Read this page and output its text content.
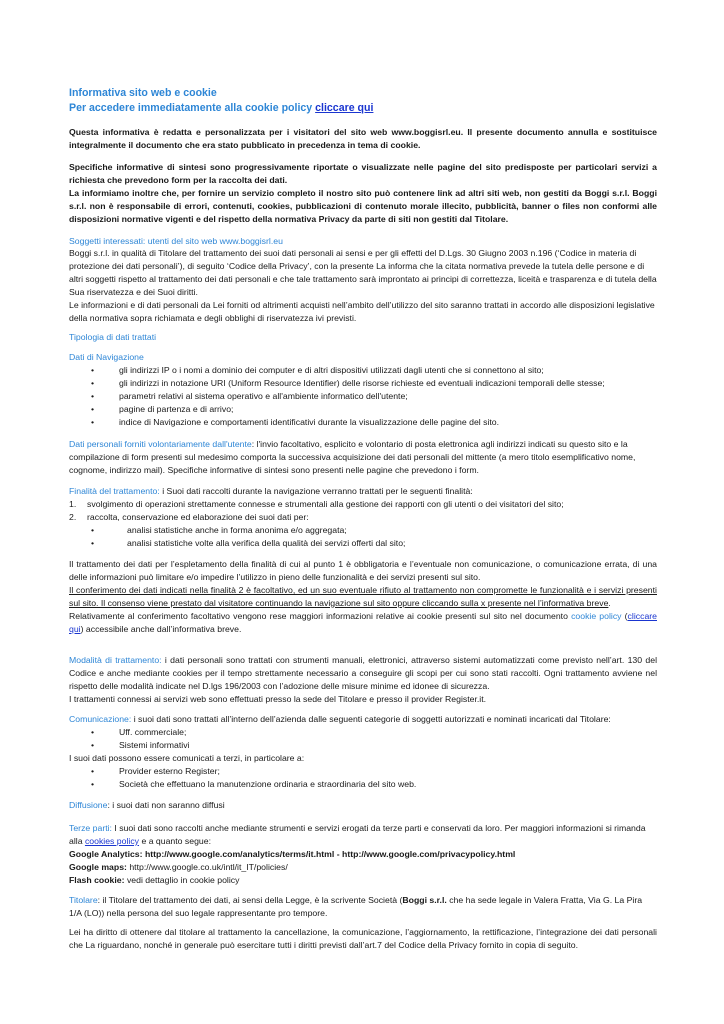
Informativa sito web e cookie
Per accedere immediatamente alla cookie policy cliccare qui
Questa informativa è redatta e personalizzata per i visitatori del sito web www.boggisrl.eu. Il presente documento annulla e sostituisce integralmente il documento che era stato pubblicato in precedenza in tema di cookie.
Specifiche informative di sintesi sono progressivamente riportate o visualizzate nelle pagine del sito predisposte per particolari servizi a richiesta che prevedono form per la raccolta dei dati.
La informiamo inoltre che, per fornire un servizio completo il nostro sito può contenere link ad altri siti web, non gestiti da Boggi s.r.l. Boggi s.r.l. non è responsabile di errori, contenuti, cookies, pubblicazioni di contenuto morale illecito, pubblicità, banner o files non conformi alle disposizioni normative vigenti e del rispetto della normativa Privacy da parte di siti non gestiti dal Titolare.
Soggetti interessati: utenti del sito web www.boggisrl.eu
Boggi s.r.l. in qualità di Titolare del trattamento dei suoi dati personali ai sensi e per gli effetti del D.Lgs. 30 Giugno 2003 n.196 (‘Codice in materia di protezione dei dati personali’), di seguito ‘Codice della Privacy’, con la presente La informa che la citata normativa prevede la tutela delle persone e di altri soggetti rispetto al trattamento dei dati personali e che tale trattamento sarà improntato ai principi di correttezza, liceità e trasparenza e di tutela della Sua riservatezza e dei Suoi diritti.
Le informazioni e di dati personali da Lei forniti od altrimenti acquisti nell’ambito dell’utilizzo del sito saranno trattati in accordo alle disposizioni legislative della normativa sopra richiamata e degli obblighi di riservatezza ivi previsti.
Tipologia di dati trattati
Dati di Navigazione
• gli indirizzi IP o i nomi a dominio dei computer e di altri dispositivi utilizzati dagli utenti che si connettono al sito;
• gli indirizzi in notazione URI (Uniform Resource Identifier) delle risorse richieste ed eventuali indicazioni temporali delle stesse;
• parametri relativi al sistema operativo e all'ambiente informatico dell'utente;
• pagine di partenza e di arrivo;
• indice di Navigazione e comportamenti identificativi durante la visualizzazione delle pagine del sito.
Dati personali forniti volontariamente dall'utente: l'invio facoltativo, esplicito e volontario di posta elettronica agli indirizzi indicati su questo sito e la compilazione di form presenti sul medesimo comporta la successiva acquisizione dei dati personali del mittente (a mero titolo esemplificativo nome, cognome, indirizzo mail). Specifiche informative di sintesi sono presenti nelle pagine che prevedono i form.
Finalità del trattamento: i Suoi dati raccolti durante la navigazione verranno trattati per le seguenti finalità:
1. svolgimento di operazioni strettamente connesse e strumentali alla gestione dei rapporti con gli utenti o dei visitatori del sito;
2. raccolta, conservazione ed elaborazione dei suoi dati per:
• analisi statistiche anche in forma anonima e/o aggregata;
• analisi statistiche volte alla verifica della qualità dei servizi offerti dal sito;
Il trattamento dei dati per l’espletamento della finalità di cui al punto 1 è obbligatoria e l’eventuale non comunicazione, o comunicazione errata, di una delle informazioni può limitare e/o impedire l’utilizzo in pieno delle funzionalità e dei servizi presenti sul sito.
Il conferimento dei dati indicati nella finalità 2 è facoltativo, ed un suo eventuale rifiuto al trattamento non compromette le funzionalità e i servizi presenti sul sito. Il consenso viene prestato dal visitatore continuando la navigazione sul sito oppure cliccando sulla x presente nel l’informativa breve.
Relativamente al conferimento facoltativo vengono rese maggiori informazioni relative ai cookie presenti sul sito nel documento cookie policy (cliccare qui) accessibile anche dall’informativa breve.
Modalità di trattamento: i dati personali sono trattati con strumenti manuali, elettronici, attraverso sistemi automatizzati come previsto nell’art. 130 del Codice e anche mediante cookies per il tempo strettamente necessario a conseguire gli scopi per cui sono stati raccolti. Ogni trattamento avviene nel rispetto delle modalità indicate nel D.lgs 196/2003 con l’adozione delle misure minime ed idonee di sicurezza.
I trattamenti connessi ai servizi web sono effettuati presso la sede del Titolare e presso il provider Register.it.
Comunicazione: i suoi dati sono trattati all’interno dell’azienda dalle seguenti categorie di soggetti autorizzati e nominati incaricati dal Titolare:
• Uff. commerciale;
• Sistemi informativi
I suoi dati possono essere comunicati a terzi, in particolare a:
• Provider esterno Register;
• Società che effettuano la manutenzione ordinaria e straordinaria del sito web.
Diffusione: i suoi dati non saranno diffusi
Terze parti: I suoi dati sono raccolti anche mediante strumenti e servizi erogati da terze parti e conservati da loro. Per maggiori informazioni si rimanda alla cookies policy e a quanto segue:
Google Analytics: http://www.google.com/analytics/terms/it.html - http://www.google.com/privacypolicy.html
Google maps: http://www.google.co.uk/intl/it_IT/policies/
Flash cookie: vedi dettaglio in cookie policy
Titolare: il Titolare del trattamento dei dati, ai sensi della Legge, è la scrivente Società (Boggi s.r.l. che ha sede legale in Valera Fratta, Via G. La Pira 1/A (LO)) nella persona del suo legale rappresentante pro tempore.
Lei ha diritto di ottenere dal titolare al trattamento la cancellazione, la comunicazione, l’aggiornamento, la rettificazione, l’integrazione dei dati personali che La riguardano, nonché in generale può esercitare tutti i diritti previsti dall’art.7 del Codice della Privacy fornito in copia di seguito.
